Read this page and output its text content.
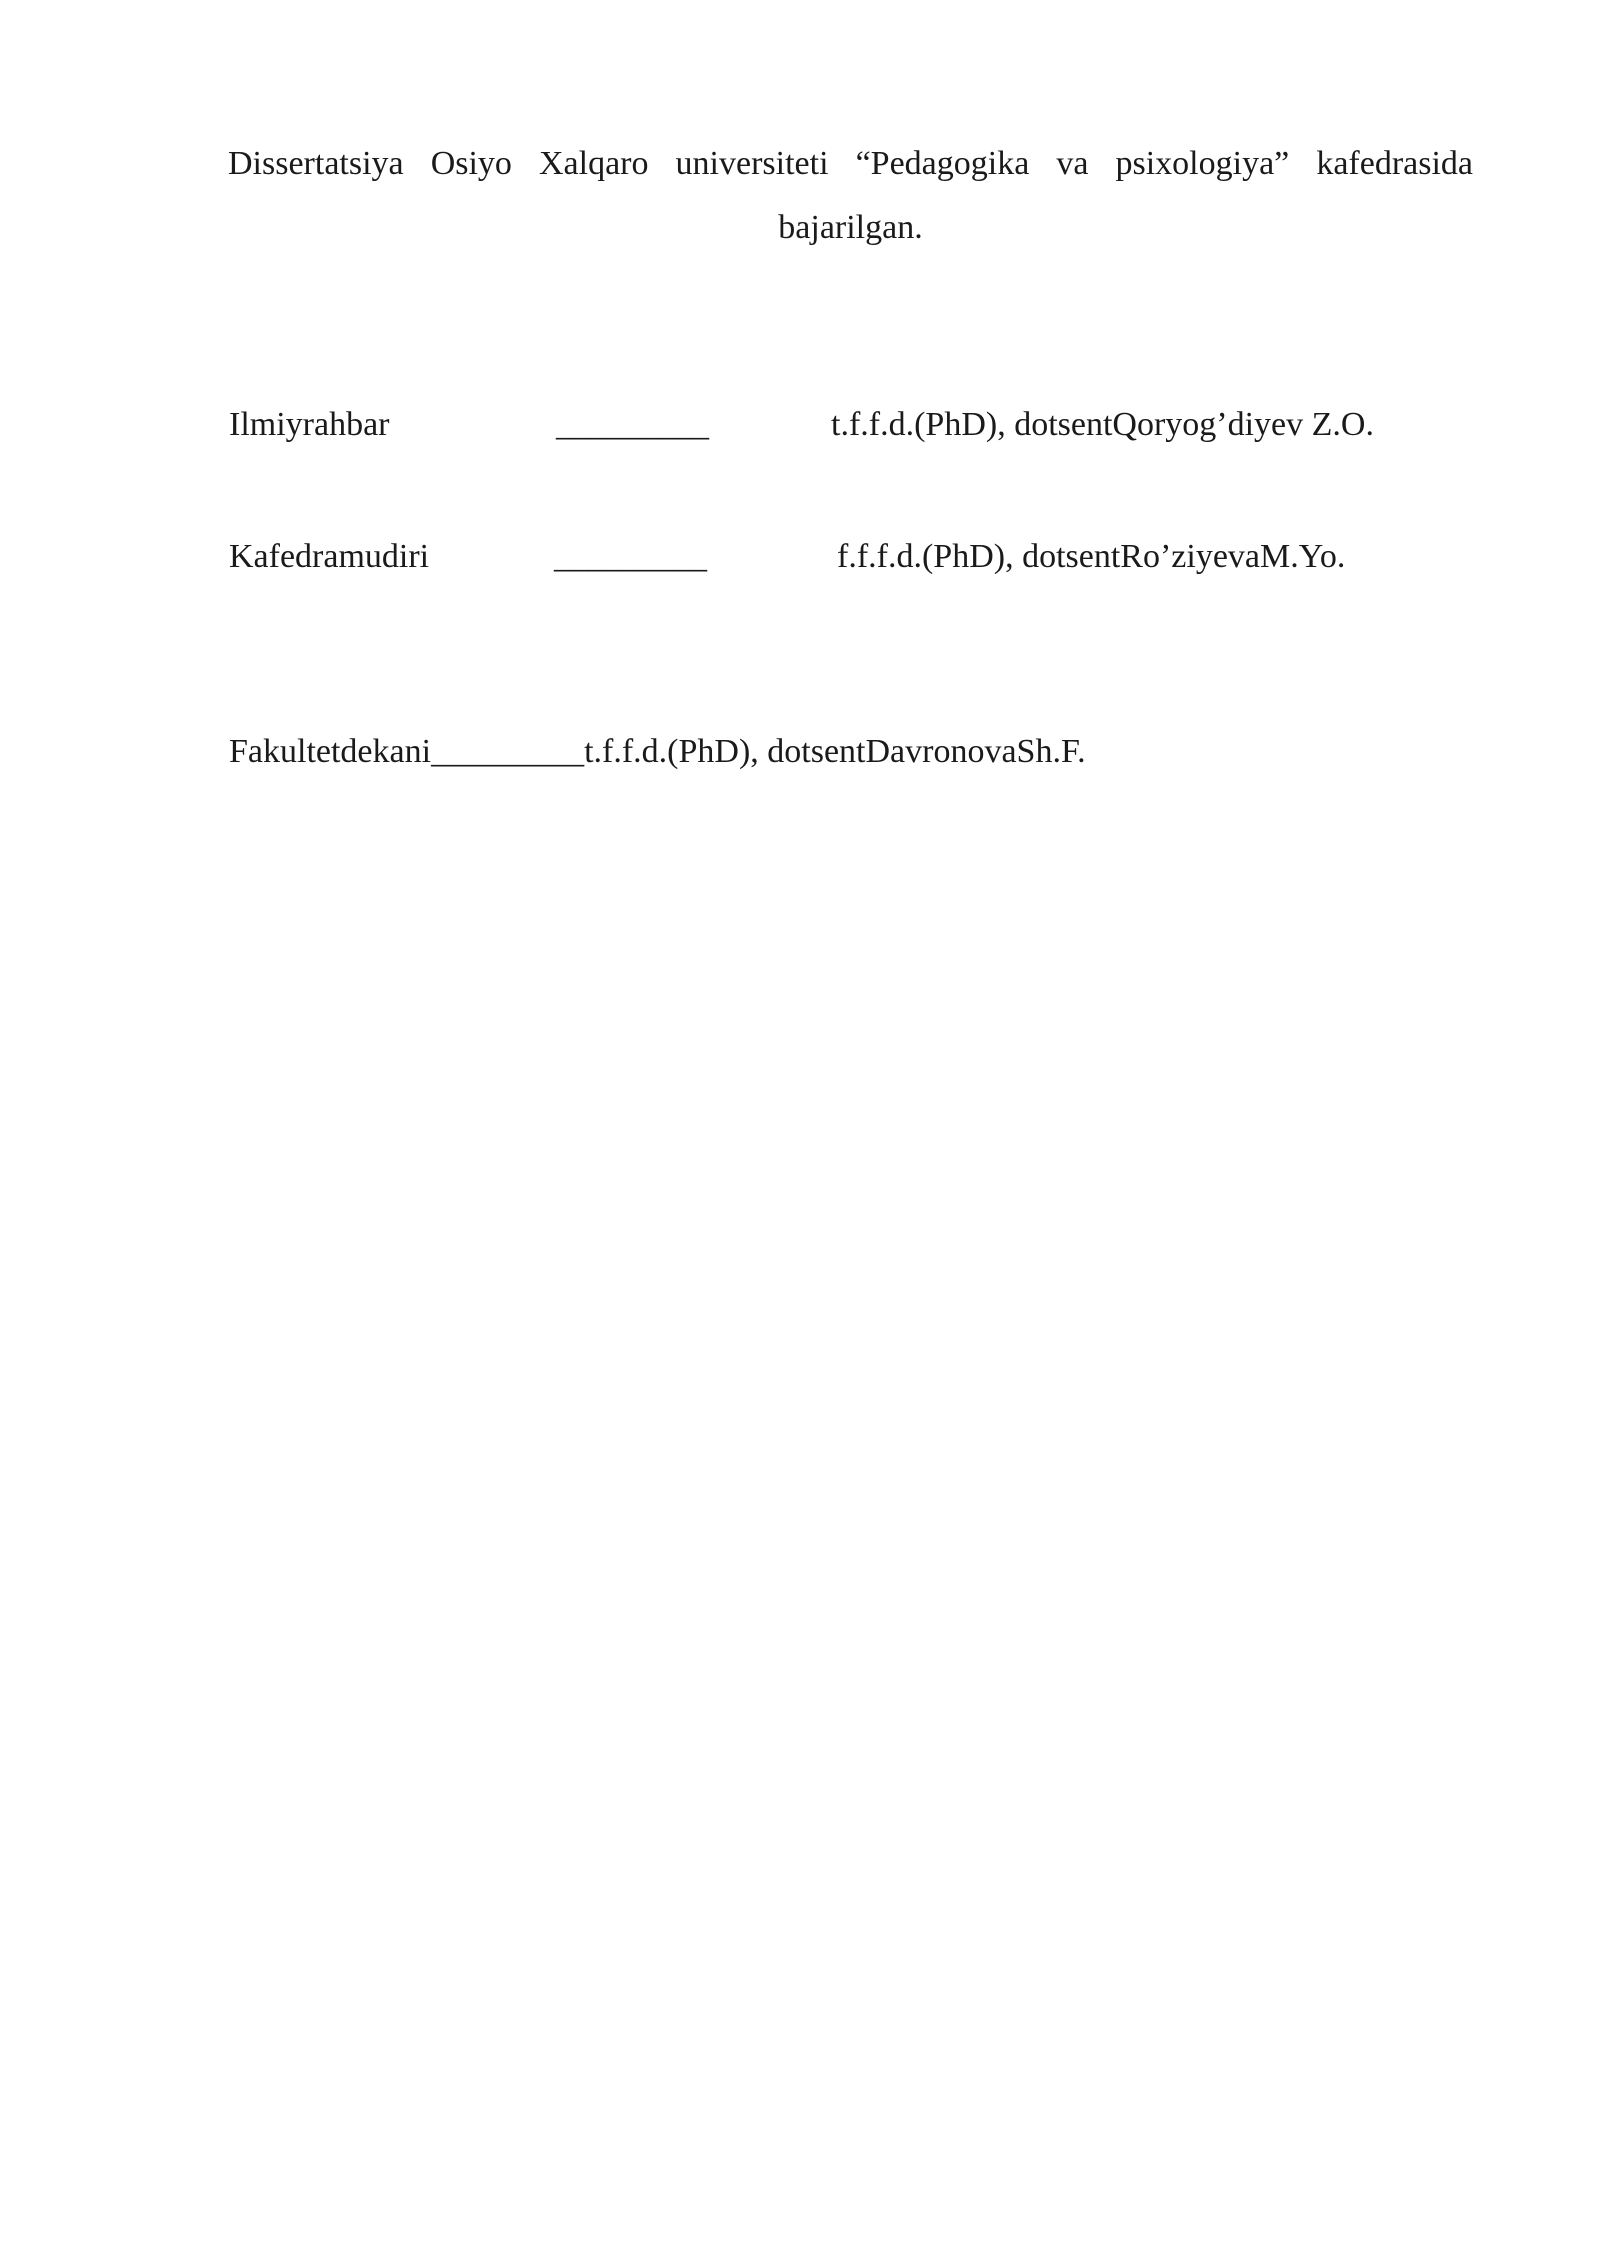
Dissertatsiya Osiyo Xalqaro universiteti “Pedagogika va psixologiya” kafedrasida
bajarilgan.
Ilmiyrahbar	_________	t.f.f.d.(PhD), dotsentQoryog’diyev Z.O.
Kafedramudiri	_________	f.f.f.d.(PhD), dotsentRo’ziyevaM.Yo.
Fakultetdekani_________t.f.f.d.(PhD), dotsentDavronovaSh.F.
